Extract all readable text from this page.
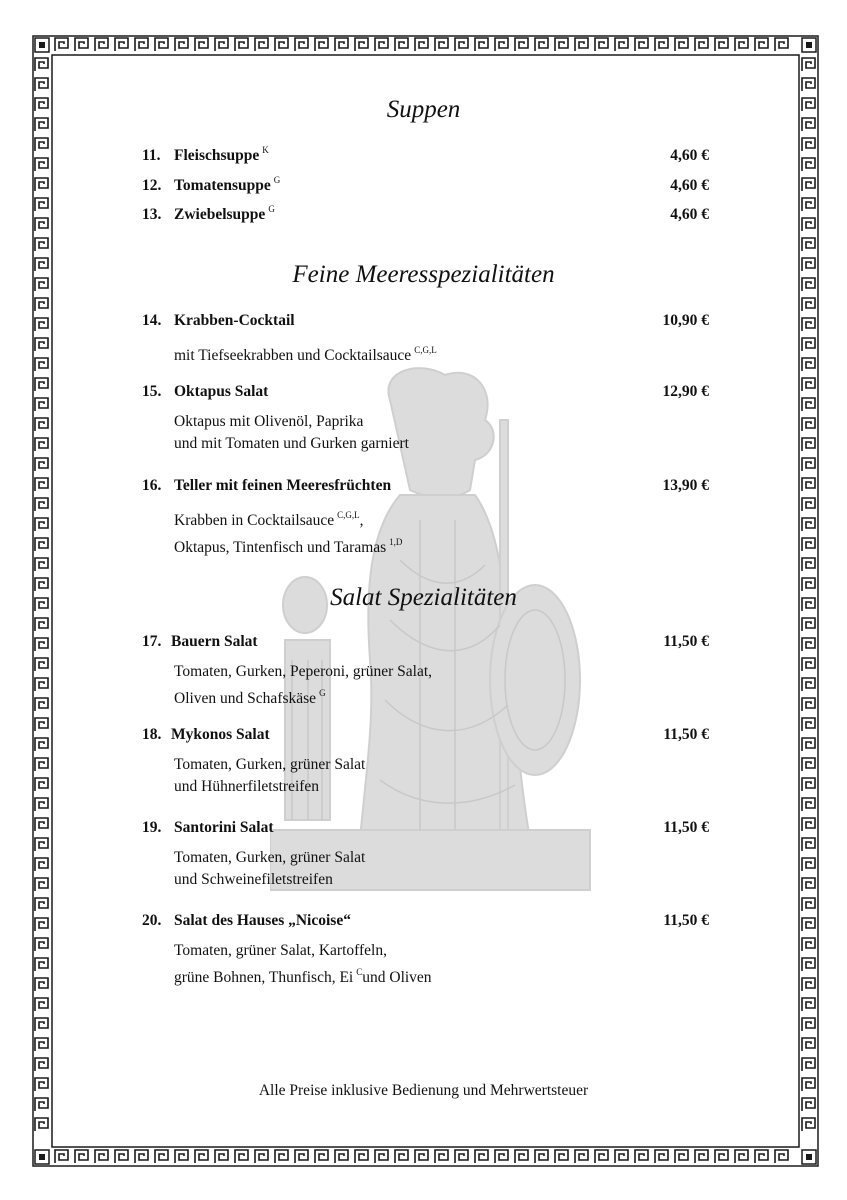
Suppen
Feine Meeresspezialitäten
Salat Spezialitäten
11. Fleischsuppe $^K$	4,60 €
12. Tomatensuppe $^G$	4,60 €
13. Zwiebelsuppe $^G$	4,60 €
14. Krabben-Cocktail	10,90 €
mit Tiefseekrabben und Cocktailsauce $^{C,G,L}$
15. Oktapus Salat	12,90 €
Oktapus mit Olivenöl, Paprika
und mit Tomaten und Gurken garniert
16. Teller mit feinen Meeresfrüchten	13,90 €
Krabben in Cocktailsauce $^{C,G,L}$,
Oktapus, Tintenfisch und Taramas $^{1,D}$
17. Bauern Salat	11,50 €
Tomaten, Gurken, Peperoni, grüner Salat,
Oliven und Schafskäse $^G$
18. Mykonos Salat	11,50 €
Tomaten, Gurken, grüner Salat
und Hühnerfiletstreifen
19. Santorini Salat	11,50 €
Tomaten, Gurken, grüner Salat
und Schweinefiletstreifen
20. Salat des Hauses „Nicoise“	11,50 €
Tomaten, grüner Salat, Kartoffeln,
grüne Bohnen, Thunfisch, Ei $^C$und Oliven
Alle Preise inklusive Bedienung und Mehrwertsteuer
